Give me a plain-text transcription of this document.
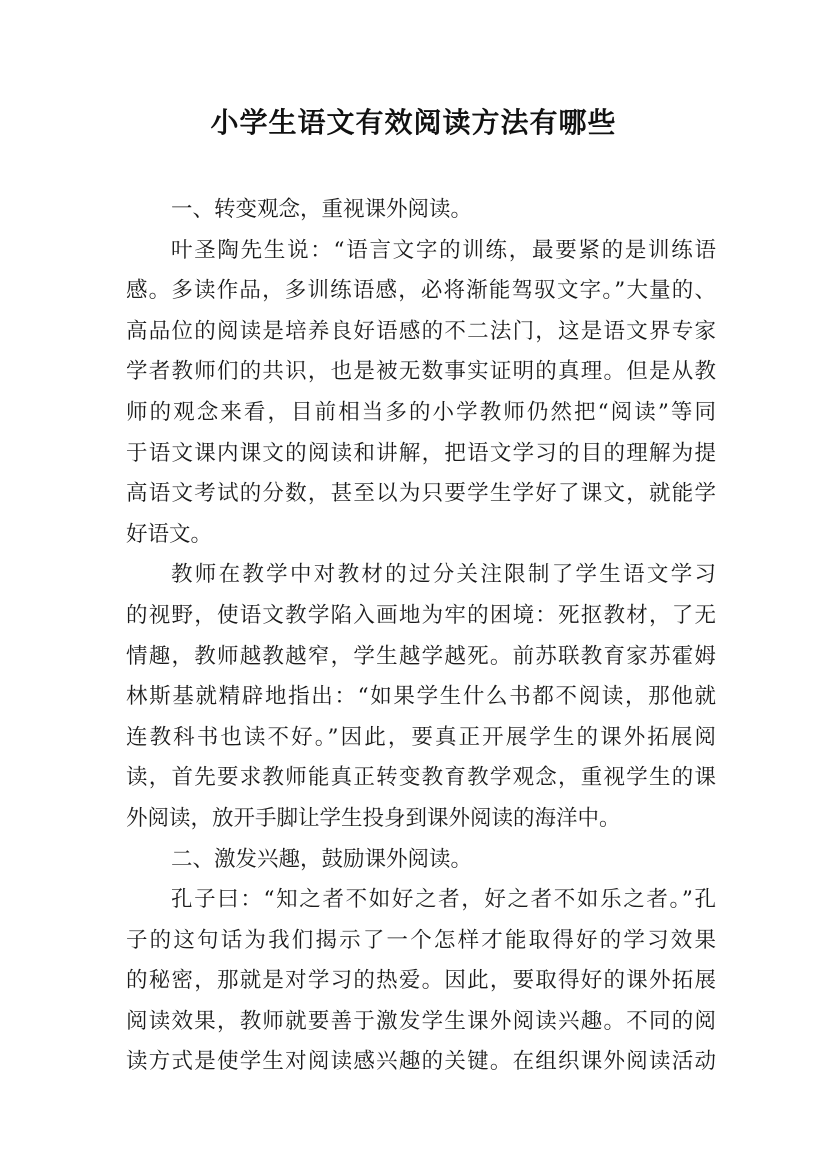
小学生语文有效阅读方法有哪些
一、转变观念，重视课外阅读。
叶圣陶先生说：“语言文字的训练，最要紧的是训练语
感。多读作品，多训练语感，必将渐能驾驭文字。”大量的、
高品位的阅读是培养良好语感的不二法门，这是语文界专家
学者教师们的共识，也是被无数事实证明的真理。但是从教
师的观念来看，目前相当多的小学教师仍然把“阅读”等同
于语文课内课文的阅读和讲解，把语文学习的目的理解为提
高语文考试的分数，甚至以为只要学生学好了课文，就能学
好语文。
教师在教学中对教材的过分关注限制了学生语文学习
的视野，使语文教学陷入画地为牢的困境：死抠教材，了无
情趣，教师越教越窄，学生越学越死。前苏联教育家苏霍姆
林斯基就精辟地指出：“如果学生什么书都不阅读，那他就
连教科书也读不好。”因此，要真正开展学生的课外拓展阅
读，首先要求教师能真正转变教育教学观念，重视学生的课
外阅读，放开手脚让学生投身到课外阅读的海洋中。
二、激发兴趣，鼓励课外阅读。
孔子曰：“知之者不如好之者，好之者不如乐之者。”孔
子的这句话为我们揭示了一个怎样才能取得好的学习效果
的秘密，那就是对学习的热爱。因此，要取得好的课外拓展
阅读效果，教师就要善于激发学生课外阅读兴趣。不同的阅
读方式是使学生对阅读感兴趣的关键。在组织课外阅读活动
